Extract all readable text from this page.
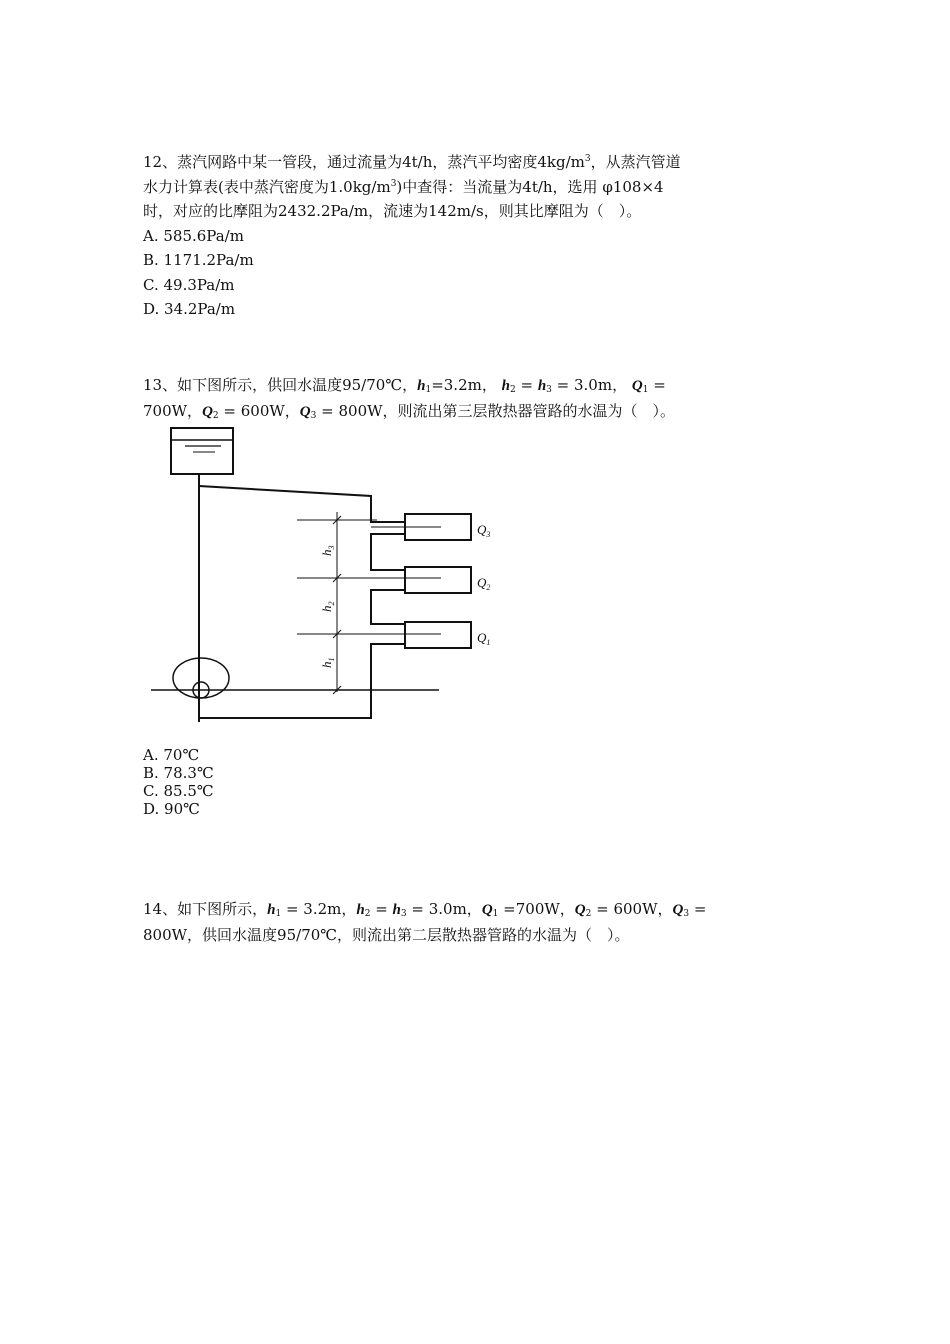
12、蒸汽网路中某一管段，通过流量为4t/h，蒸汽平均密度$4kg/m^3$，从蒸汽管道
水力计算表(表中蒸汽密度为$1.0kg/m^3$)中查得：当流量为4t/h，选用 φ108×4
时，对应的比摩阻为2432.2Pa/m，流速为142m/s，则其比摩阻为（　）。

A. 585.6Pa/m
B. 1171.2Pa/m
C. 49.3Pa/m
D. 34.2Pa/m

13、如下图所示，供回水温度95/70℃，$h_1=3.2m$， $h_2 = h_3 = 3.0m$， $Q_1$ =
700W，$Q_2 = 600W$，$Q_3 = 800W$，则流出第三层散热器管路的水温为（　）。

$Q_3$
$Q_2$
$Q_1$
$h_3$
$h_2$
$h_1$
A. 70℃
B. 78.3℃
C. 85.5℃
D. 90℃

14、如下图所示，$h_1 = 3.2m$，$h_2 = h_3 = 3.0m$，$Q_1 =700W$，$Q_2 = 600W$，$Q_3$ =
800W，供回水温度95/70℃，则流出第二层散热器管路的水温为（　）。
